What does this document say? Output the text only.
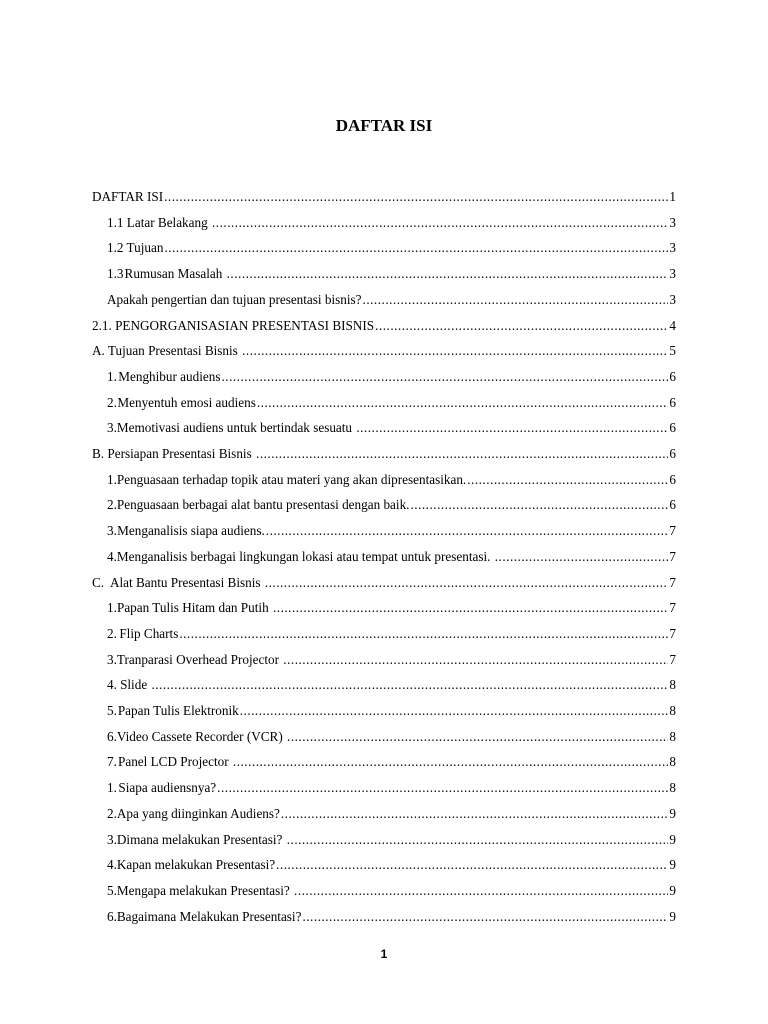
DAFTAR ISI
DAFTAR ISI .....	1
1.1 Latar Belakang .....	3
1.2 Tujuan .....	3
1.3 Rumusan Masalah .....	3
Apakah pengertian dan tujuan presentasi bisnis? .....	3
2.1. PENGORGANISASIAN PRESENTASI BISNIS .....	4
A. Tujuan Presentasi Bisnis .....	5
1. Menghibur audiens .....	6
2. Menyentuh emosi audiens .....	6
3. Memotivasi audiens untuk bertindak sesuatu .....	6
B. Persiapan Presentasi Bisnis .....	6
1. Penguasaan terhadap topik atau materi yang akan dipresentasikan. .....	6
2. Penguasaan berbagai alat bantu presentasi dengan baik. .....	6
3. Menganalisis siapa audiens. .....	7
4. Menganalisis berbagai lingkungan lokasi atau tempat untuk presentasi. .....	7
C.  Alat Bantu Presentasi Bisnis .....	7
1. Papan Tulis Hitam dan Putih .....	7
2. Flip Charts .....	7
3. Tranparasi Overhead Projector .....	7
4. Slide .....	8
5. Papan Tulis Elektronik .....	8
6. Video Cassete Recorder (VCR) .....	8
7. Panel LCD Projector .....	8
1. Siapa audiensnya? .....	8
2. Apa yang diinginkan Audiens? .....	9
3. Dimana melakukan Presentasi? .....	9
4. Kapan melakukan Presentasi? .....	9
5. Mengapa melakukan Presentasi? .....	9
6. Bagaimana Melakukan Presentasi? .....	9
1
